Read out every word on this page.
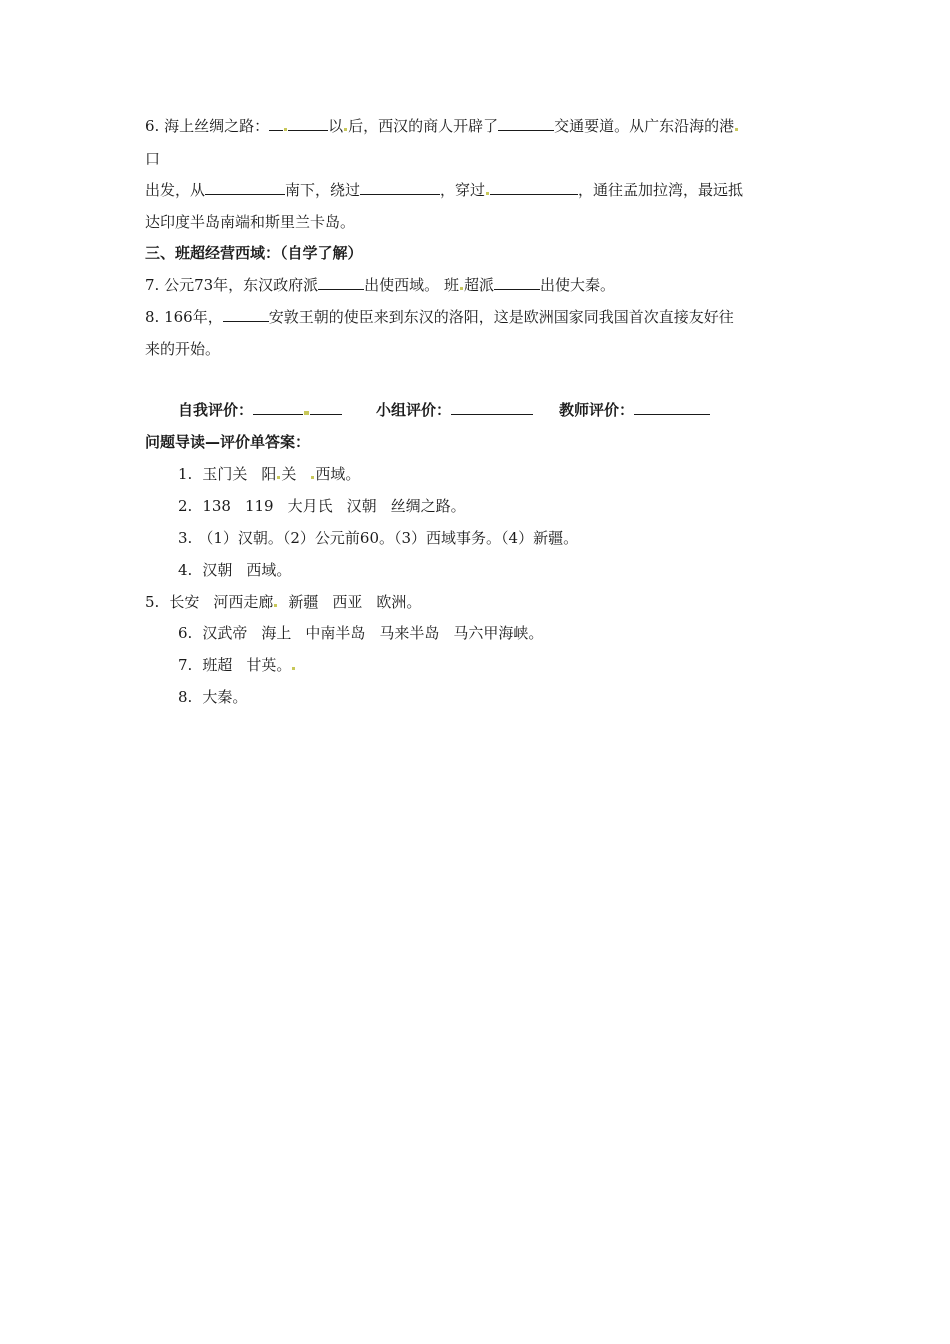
6. 海上丝绸之路：	以 后，西汉的商人开辟了	交通要道。从广东沿海的港
口
出发，从	南下，绕过	，穿过	，通往孟加拉湾，最远抵
达印度半岛南端和斯里兰卡岛。
三、班超经营西域：（自学了解）
7. 公元73年，东汉政府派	出使西域。 班 超派	出使大秦。
8. 166年，	安敦王朝的使臣来到东汉的洛阳，这是欧洲国家同我国首次直接友好往
来的开始。
自我评价：	小组评价：	教师评价：
问题导读—评价单答案：
1. 玉门关 阳 关 西域。
2. 138 119 大月氏 汉朝 丝绸之路。
3. （1）汉朝。（2）公元前60。（3）西域事务。（4）新疆。
4. 汉朝 西域。
5. 长安 河西走廊 新疆 西亚 欧洲。
6. 汉武帝 海上 中南半岛 马来半岛 马六甲海峡。
7. 班超 甘英。
8. 大秦。
